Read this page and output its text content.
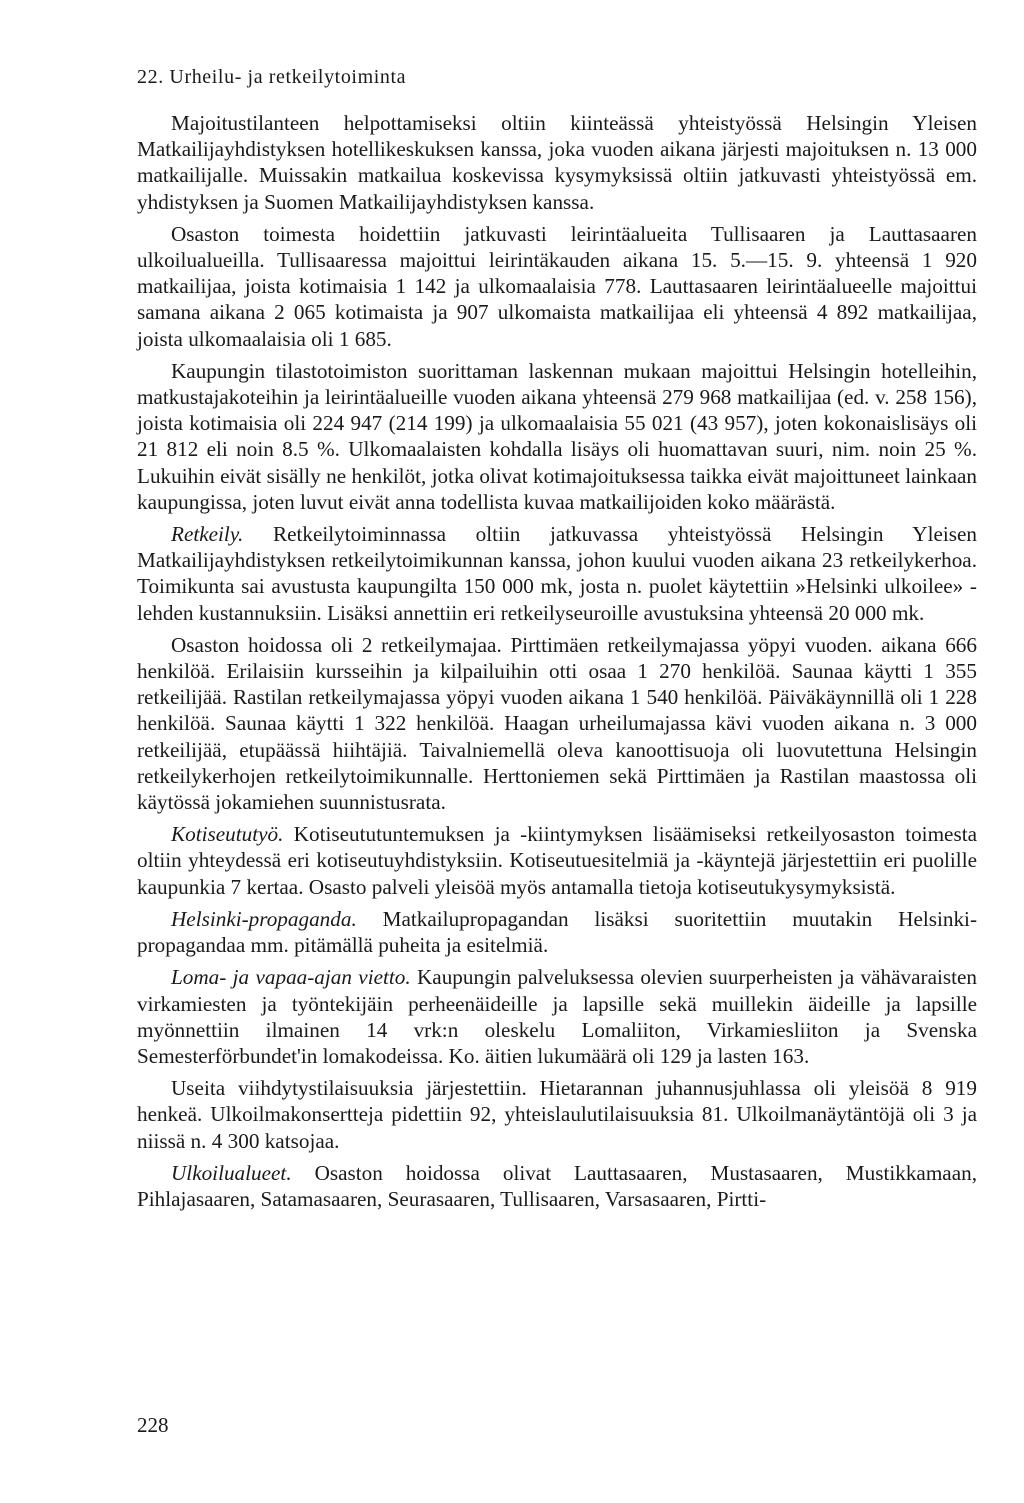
22. Urheilu- ja retkeilytoiminta

Majoitustilanteen helpottamiseksi oltiin kiinteässä yhteistyössä Helsingin Yleisen Matkailijayhdistyksen hotellikeskuksen kanssa, joka vuoden aikana järjesti majoituksen n. 13 000 matkailijalle. Muissakin matkailua koskevissa kysymyksissä oltiin jatkuvasti yhteistyössä em. yhdistyksen ja Suomen Matkailijayhdistyksen kanssa.

Osaston toimesta hoidettiin jatkuvasti leirintäalueita Tullisaaren ja Lauttasaaren ulkoilualueilla. Tullisaaressa majoittui leirintäkauden aikana 15. 5.—15. 9. yhteensä 1 920 matkailijaa, joista kotimaisia 1 142 ja ulkomaalaisia 778. Lauttasaaren leirintäalueelle majoittui samana aikana 2 065 kotimaista ja 907 ulkomaista matkailijaa eli yhteensä 4 892 matkailijaa, joista ulkomaalaisia oli 1 685.

Kaupungin tilastotoimiston suorittaman laskennan mukaan majoittui Helsingin hotelleihin, matkustajakoteihin ja leirintäalueille vuoden aikana yhteensä 279 968 matkailijaa (ed. v. 258 156), joista kotimaisia oli 224 947 (214 199) ja ulkomaalaisia 55 021 (43 957), joten kokonaislisäys oli 21 812 eli noin 8.5 %. Ulkomaalaisten kohdalla lisäys oli huomattavan suuri, nim. noin 25 %. Lukuihin eivät sisälly ne henkilöt, jotka olivat kotimajoituksessa taikka eivät majoittuneet lainkaan kaupungissa, joten luvut eivät anna todellista kuvaa matkailijoiden koko määrästä.

Retkeily. Retkeilytoiminnassa oltiin jatkuvassa yhteistyössä Helsingin Yleisen Matkailijayhdistyksen retkeilytoimikunnan kanssa, johon kuului vuoden aikana 23 retkeilykerhoa. Toimikunta sai avustusta kaupungilta 150 000 mk, josta n. puolet käytettiin »Helsinki ulkoilee» -lehden kustannuksiin. Lisäksi annettiin eri retkeilyseuroille avustuksina yhteensä 20 000 mk.

Osaston hoidossa oli 2 retkeilymajaa. Pirttimäen retkeilymajassa yöpyi vuoden. aikana 666 henkilöä. Erilaisiin kursseihin ja kilpailuihin otti osaa 1 270 henkilöä. Saunaa käytti 1 355 retkeilijää. Rastilan retkeilymajassa yöpyi vuoden aikana 1 540 henkilöä. Päiväkäynnillä oli 1 228 henkilöä. Saunaa käytti 1 322 henkilöä. Haagan urheilumajassa kävi vuoden aikana n. 3 000 retkeilijää, etupäässä hiihtäjiä. Taivalniemellä oleva kanoottisuoja oli luovutettuna Helsingin retkeilykerhojen retkeilytoimikunnalle. Herttoniemen sekä Pirttimäen ja Rastilan maastossa oli käytössä jokamiehen suunnistusrata.

Kotiseututyö. Kotiseututuntemuksen ja -kiintymyksen lisäämiseksi retkeilyosaston toimesta oltiin yhteydessä eri kotiseutuyhdistyksiin. Kotiseutuesitelmiä ja -käyntejä järjestettiin eri puolille kaupunkia 7 kertaa. Osasto palveli yleisöä myös antamalla tietoja kotiseutukysymyksistä.

Helsinki-propaganda. Matkailupropagandan lisäksi suoritettiin muutakin Helsinki-propagandaa mm. pitämällä puheita ja esitelmiä.

Loma- ja vapaa-ajan vietto. Kaupungin palveluksessa olevien suurperheisten ja vähävaraisten virkamiesten ja työntekijäin perheenäideille ja lapsille sekä muillekin äideille ja lapsille myönnettiin ilmainen 14 vrk:n oleskelu Lomaliiton, Virkamiesliiton ja Svenska Semesterförbundet'in lomakodeissa. Ko. äitien lukumäärä oli 129 ja lasten 163.

Useita viihdytystilaisuuksia järjestettiin. Hietarannan juhannusjuhlassa oli yleisöä 8 919 henkeä. Ulkoilmakonsertteja pidettiin 92, yhteislaulutilaisuuksia 81. Ulkoilmanäytäntöjä oli 3 ja niissä n. 4 300 katsojaa.

Ulkoilualueet. Osaston hoidossa olivat Lauttasaaren, Mustasaaren, Mustikkamaan, Pihlajasaaren, Satamasaaren, Seurasaaren, Tullisaaren, Varsasaaren, Pirtti-

228
